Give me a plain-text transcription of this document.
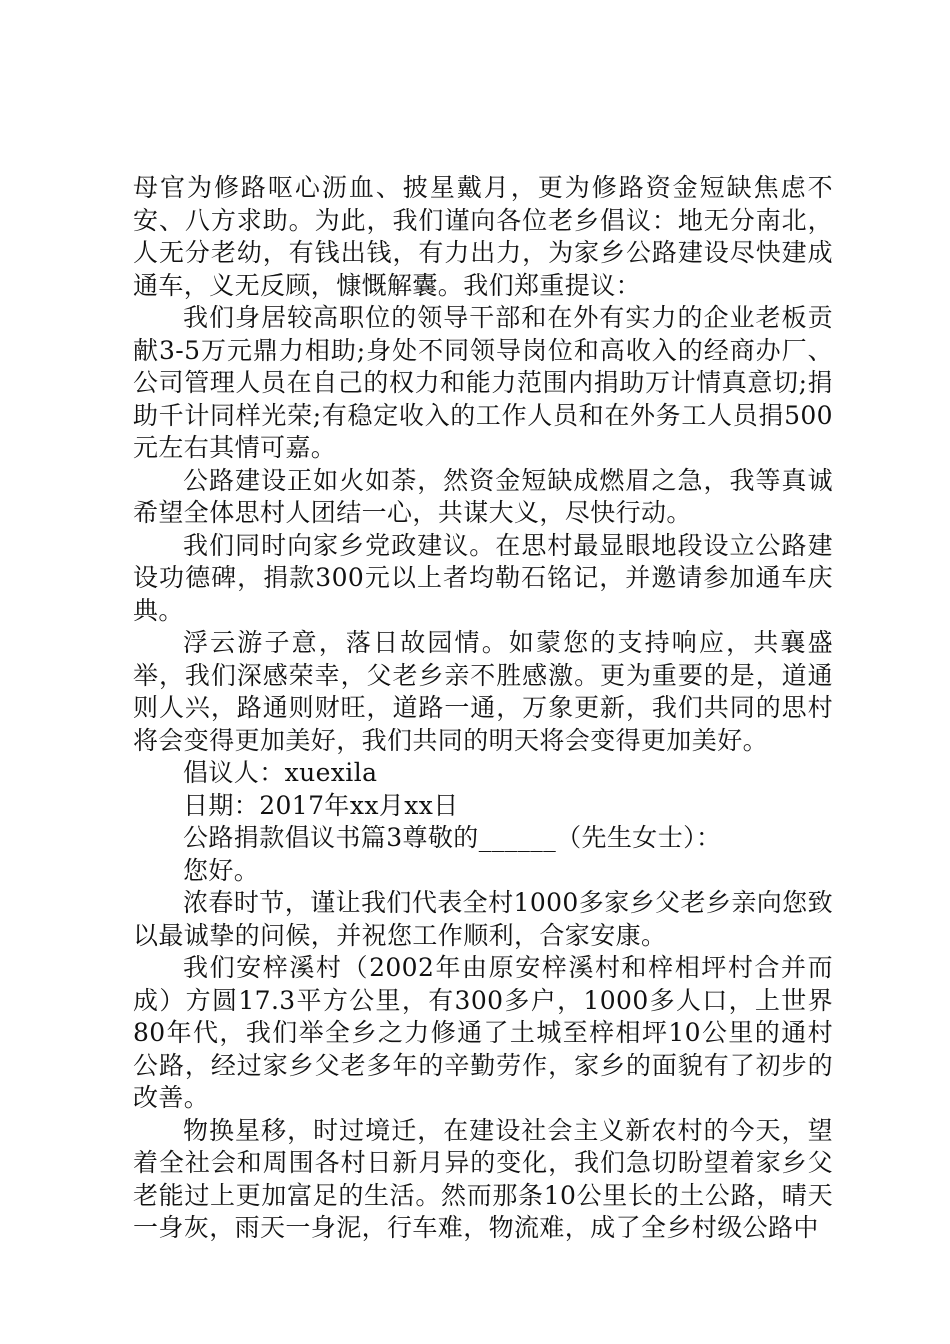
母官为修路呕心沥血、披星戴月，更为修路资金短缺焦虑不安、八方求助。为此，我们谨向各位老乡倡议：地无分南北，人无分老幼，有钱出钱，有力出力，为家乡公路建设尽快建成通车，义无反顾，慷慨解囊。我们郑重提议：

我们身居较高职位的领导干部和在外有实力的企业老板贡献3-5万元鼎力相助;身处不同领导岗位和高收入的经商办厂、公司管理人员在自己的权力和能力范围内捐助万计情真意切;捐助千计同样光荣;有稳定收入的工作人员和在外务工人员捐500元左右其情可嘉。

公路建设正如火如荼，然资金短缺成燃眉之急，我等真诚希望全体思村人团结一心，共谋大义，尽快行动。

我们同时向家乡党政建议。在思村最显眼地段设立公路建设功德碑，捐款300元以上者均勒石铭记，并邀请参加通车庆典。

浮云游子意，落日故园情。如蒙您的支持响应，共襄盛举，我们深感荣幸，父老乡亲不胜感激。更为重要的是，道通则人兴，路通则财旺，道路一通，万象更新，我们共同的思村将会变得更加美好，我们共同的明天将会变得更加美好。

倡议人：xuexila

日期：2017年xx月xx日

公路捐款倡议书篇3尊敬的______（先生女士）：

您好。

浓春时节，谨让我们代表全村1000多家乡父老乡亲向您致以最诚挚的问候，并祝您工作顺利，合家安康。

我们安梓溪村（2002年由原安梓溪村和梓相坪村合并而成）方圆17.3平方公里，有300多户，1000多人口，上世界80年代，我们举全乡之力修通了土城至梓相坪10公里的通村公路，经过家乡父老多年的辛勤劳作，家乡的面貌有了初步的改善。

物换星移，时过境迁，在建设社会主义新农村的今天，望着全社会和周围各村日新月异的变化，我们急切盼望着家乡父老能过上更加富足的生活。然而那条10公里长的土公路，晴天一身灰，雨天一身泥，行车难，物流难，成了全乡村级公路中
